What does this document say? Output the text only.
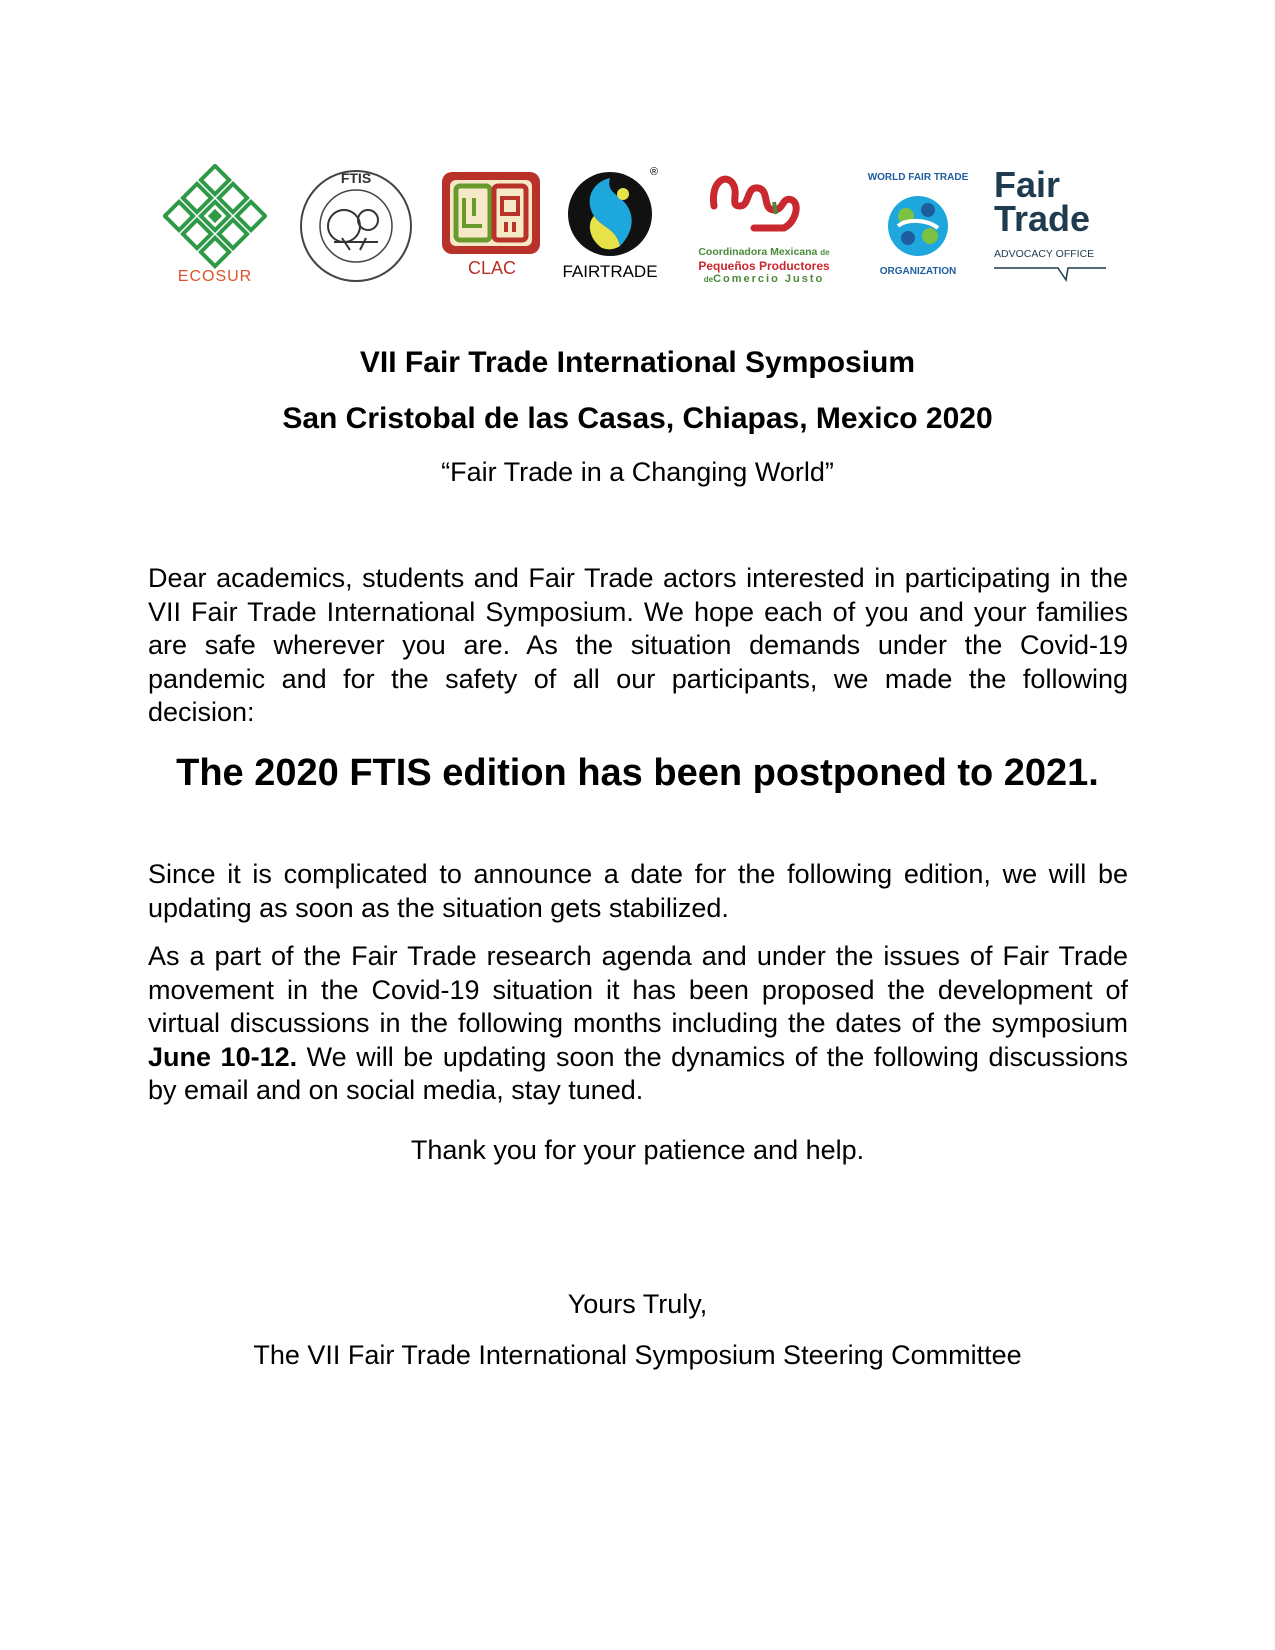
ECOSUR
FTIS
CLAC
®
FAIRTRADE
Coordinadora Mexicana de
Pequeños Productores
deComercio Justo
WORLD FAIR TRADE
ORGANIZATION
Fair
Trade
ADVOCACY OFFICE
VII Fair Trade International Symposium
San Cristobal de las Casas, Chiapas, Mexico 2020
“Fair Trade in a Changing World”

Dear academics, students and Fair Trade actors interested in participating in the VII Fair Trade International Symposium. We hope each of you and your families are safe wherever you are. As the situation demands under the Covid-19 pandemic and for the safety of all our participants, we made the following decision:

The 2020 FTIS edition has been postponed to 2021.

Since it is complicated to announce a date for the following edition, we will be updating as soon as the situation gets stabilized.

As a part of the Fair Trade research agenda and under the issues of Fair Trade movement in the Covid-19 situation it has been proposed the development of virtual discussions in the following months including the dates of the symposium June 10-12. We will be updating soon the dynamics of the following discussions by email and on social media, stay tuned.

Thank you for your patience and help.
Yours Truly,
The VII Fair Trade International Symposium Steering Committee
